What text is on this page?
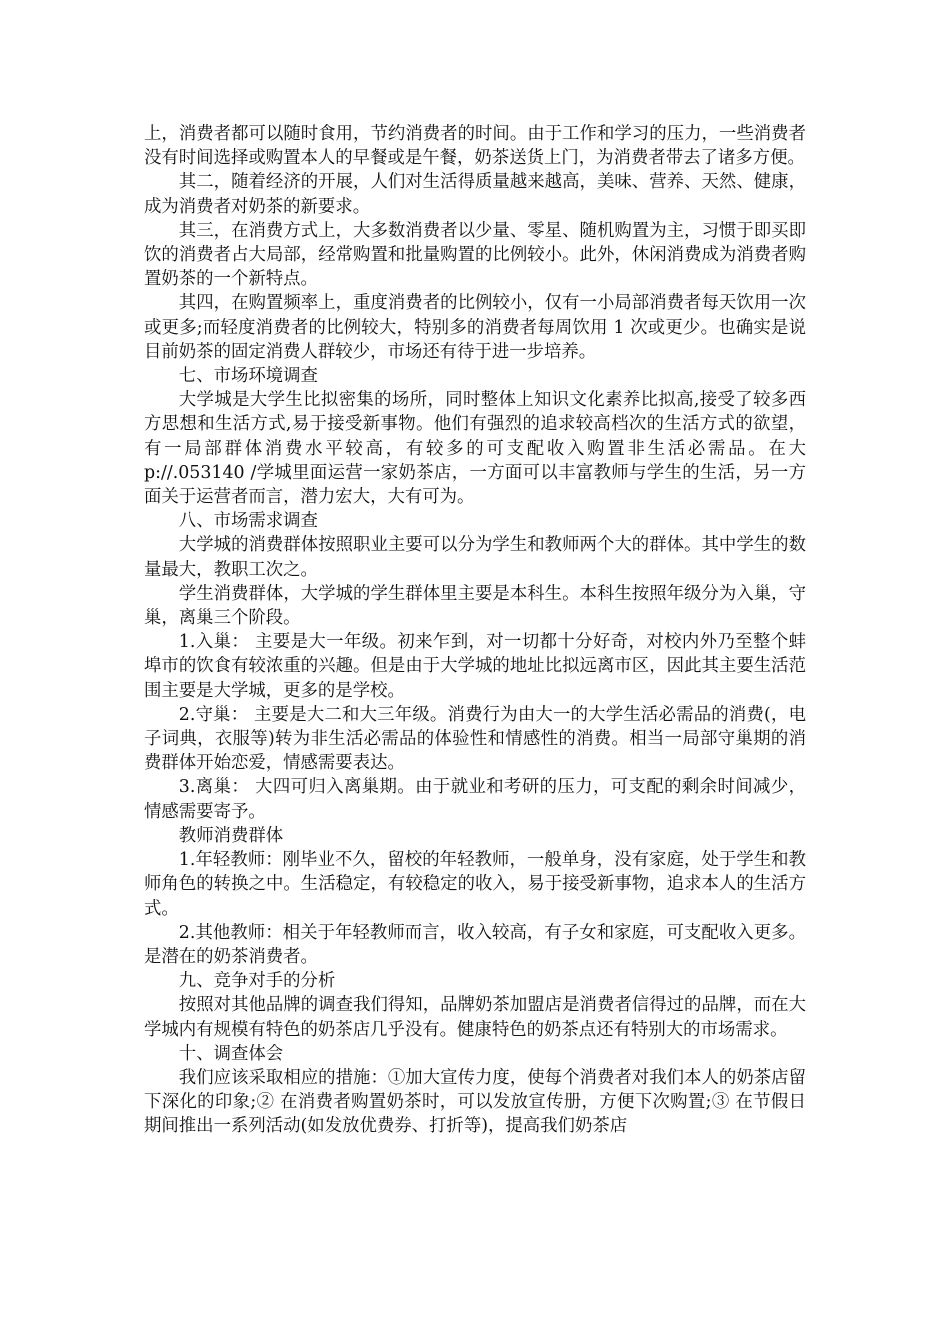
上，消费者都可以随时食用，节约消费者的时间。由于工作和学习的压力，一些消费者没有时间选择或购置本人的早餐或是午餐，奶茶送货上门，为消费者带去了诸多方便。

其二，随着经济的开展，人们对生活得质量越来越高，美味、营养、天然、健康，成为消费者对奶茶的新要求。

其三，在消费方式上，大多数消费者以少量、零星、随机购置为主，习惯于即买即饮的消费者占大局部，经常购置和批量购置的比例较小。此外，休闲消费成为消费者购置奶茶的一个新特点。

其四，在购置频率上，重度消费者的比例较小，仅有一小局部消费者每天饮用一次或更多;而轻度消费者的比例较大，特别多的消费者每周饮用 1 次或更少。也确实是说目前奶茶的固定消费人群较少，市场还有待于进一步培养。

七、市场环境调查

大学城是大学生比拟密集的场所，同时整体上知识文化素养比拟高,接受了较多西方思想和生活方式,易于接受新事物。他们有强烈的追求较高档次的生活方式的欲望，有一局部群体消费水平较高，有较多的可支配收入购置非生活必需品。在大 p://.053140 /学城里面运营一家奶茶店，一方面可以丰富教师与学生的生活，另一方面关于运营者而言，潜力宏大，大有可为。

八、市场需求调查

大学城的消费群体按照职业主要可以分为学生和教师两个大的群体。其中学生的数量最大，教职工次之。

学生消费群体，大学城的学生群体里主要是本科生。本科生按照年级分为入巢，守巢，离巢三个阶段。

1.入巢： 主要是大一年级。初来乍到，对一切都十分好奇，对校内外乃至整个蚌埠市的饮食有较浓重的兴趣。但是由于大学城的地址比拟远离市区，因此其主要生活范围主要是大学城，更多的是学校。

2.守巢： 主要是大二和大三年级。消费行为由大一的大学生活必需品的消费(，电子词典，衣服等)转为非生活必需品的体验性和情感性的消费。相当一局部守巢期的消费群体开始恋爱，情感需要表达。

3.离巢： 大四可归入离巢期。由于就业和考研的压力，可支配的剩余时间减少，情感需要寄予。

教师消费群体

1.年轻教师：刚毕业不久，留校的年轻教师，一般单身，没有家庭，处于学生和教师角色的转换之中。生活稳定，有较稳定的收入，易于接受新事物，追求本人的生活方式。

2.其他教师：相关于年轻教师而言，收入较高，有子女和家庭，可支配收入更多。是潜在的奶茶消费者。

九、竞争对手的分析

按照对其他品牌的调查我们得知，品牌奶茶加盟店是消费者信得过的品牌，而在大学城内有规模有特色的奶茶店几乎没有。健康特色的奶茶点还有特别大的市场需求。

十、调查体会

我们应该采取相应的措施：①加大宣传力度，使每个消费者对我们本人的奶茶店留下深化的印象;② 在消费者购置奶茶时，可以发放宣传册，方便下次购置;③ 在节假日期间推出一系列活动(如发放优费券、打折等)，提高我们奶茶店
